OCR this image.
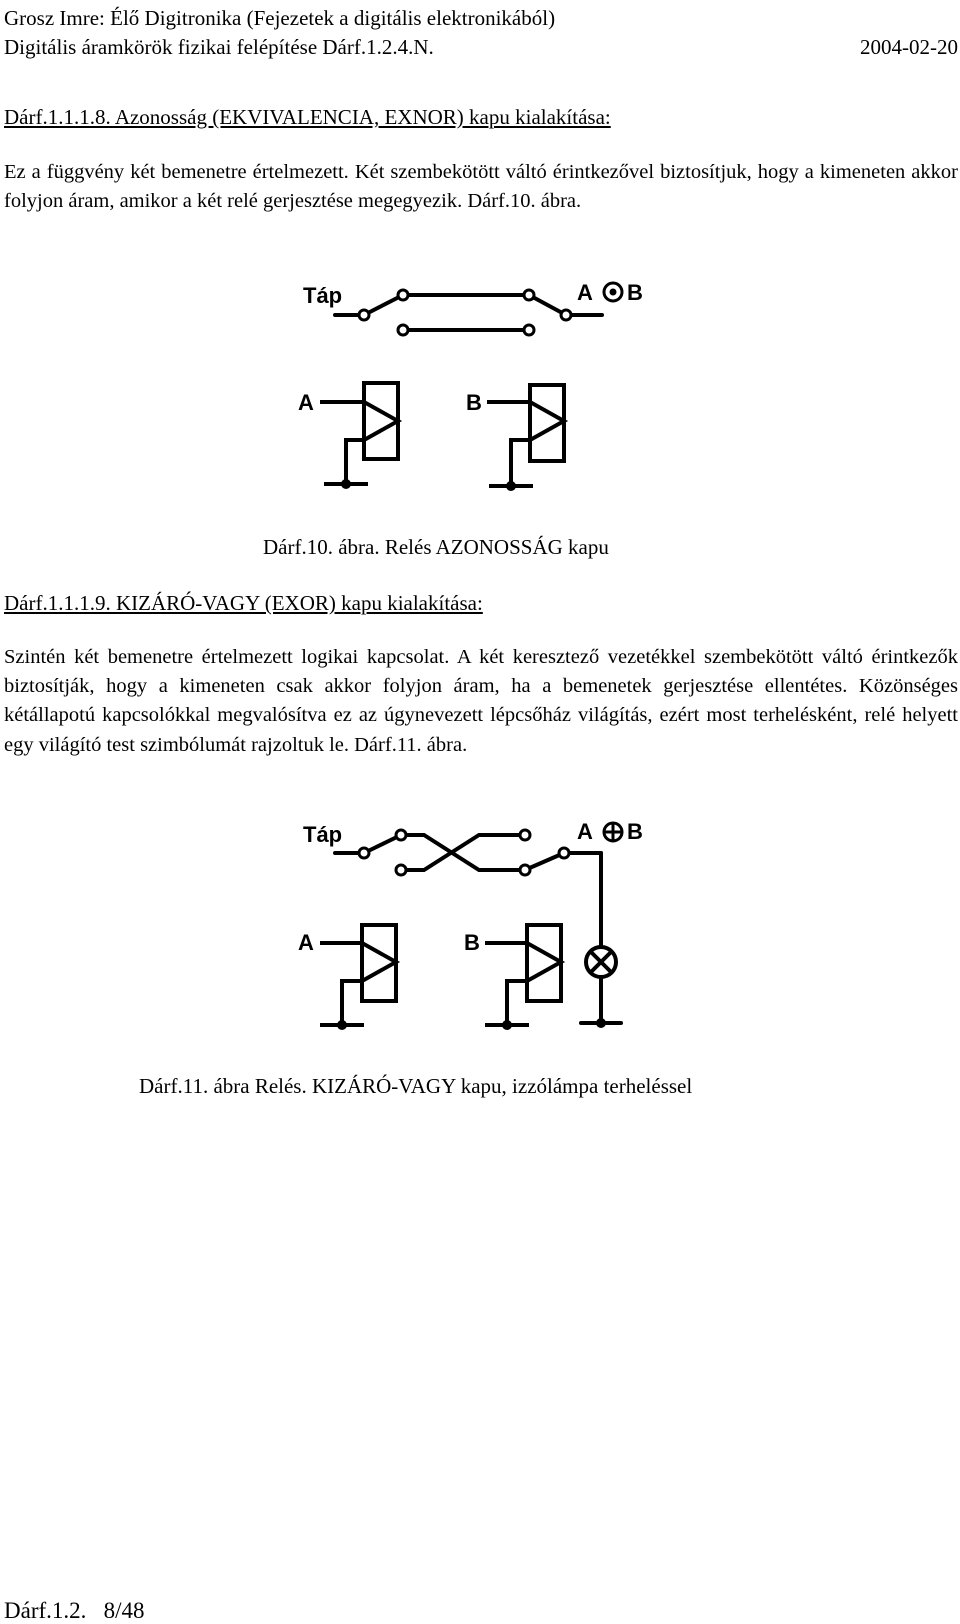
Grosz Imre: Élő Digitronika (Fejezetek a digitális elektronikából)
Digitális áramkörök fizikai felépítése Dárf.1.2.4.N.	2004-02-20
Dárf.1.1.1.8. Azonosság (EKVIVALENCIA, EXNOR) kapu kialakítása:
Ez a függvény két bemenetre értelmezett. Két szembekötött váltó érintkezővel biztosítjuk, hogy a kimeneten akkor folyjon áram, amikor a két relé gerjesztése megegyezik. Dárf.10. ábra.
Táp	A B
A	B
Dárf.10. ábra. Relés AZONOSSÁG kapu
Dárf.1.1.1.9. KIZÁRÓ-VAGY (EXOR) kapu kialakítása:
Szintén két bemenetre értelmezett logikai kapcsolat. A két keresztező vezetékkel szembekötött váltó érintkezők biztosítják, hogy a kimeneten csak akkor folyjon áram, ha a bemenetek gerjesztése ellentétes. Közönséges kétállapotú kapcsolókkal megvalósítva ez az úgynevezett lépcsőház világítás, ezért most terhelésként, relé helyett egy világító test szimbólumát rajzoltuk le. Dárf.11. ábra.
Táp	A B
A	B
Dárf.11. ábra Relés. KIZÁRÓ-VAGY kapu, izzólámpa terheléssel
Dárf.1.2.   8/48
